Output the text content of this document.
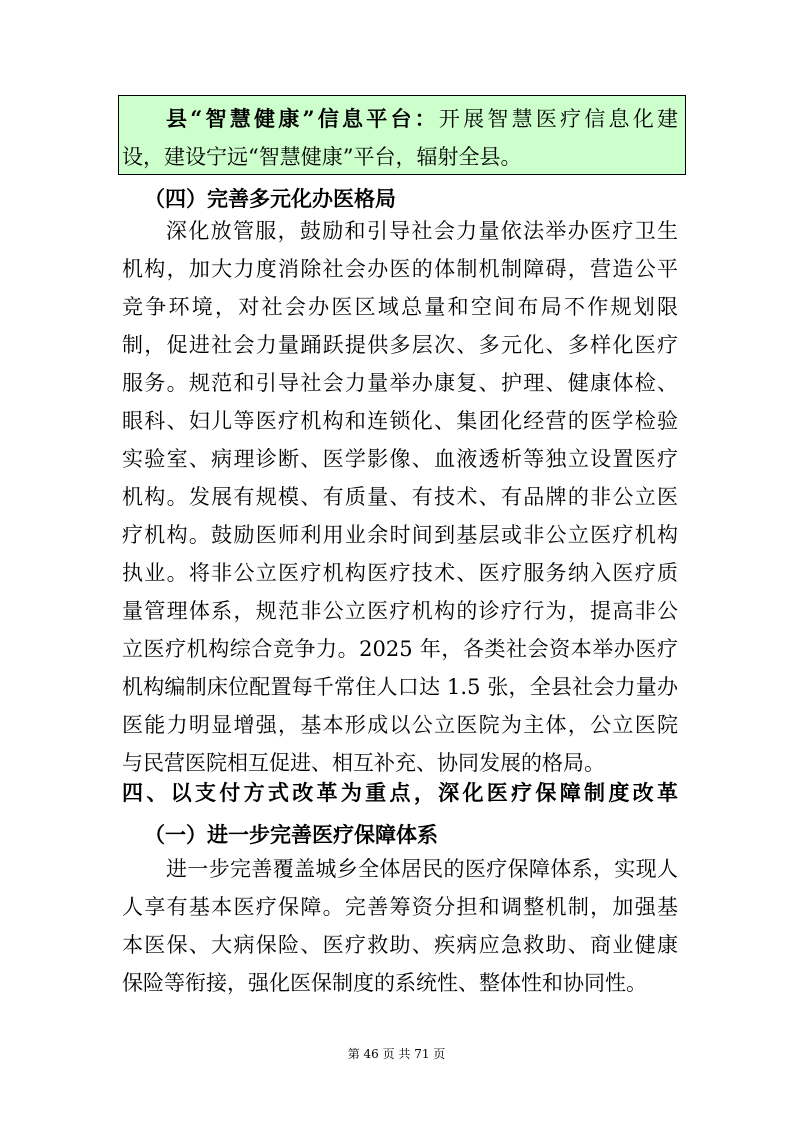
县“智慧健康”信息平台：开展智慧医疗信息化建
设，建设宁远“智慧健康”平台，辐射全县。
（四）完善多元化办医格局
深化放管服，鼓励和引导社会力量依法举办医疗卫生
机构，加大力度消除社会办医的体制机制障碍，营造公平
竞争环境，对社会办医区域总量和空间布局不作规划限
制，促进社会力量踊跃提供多层次、多元化、多样化医疗
服务。规范和引导社会力量举办康复、护理、健康体检、
眼科、妇儿等医疗机构和连锁化、集团化经营的医学检验
实验室、病理诊断、医学影像、血液透析等独立设置医疗
机构。发展有规模、有质量、有技术、有品牌的非公立医
疗机构。鼓励医师利用业余时间到基层或非公立医疗机构
执业。将非公立医疗机构医疗技术、医疗服务纳入医疗质
量管理体系，规范非公立医疗机构的诊疗行为，提高非公
立医疗机构综合竞争力。2025 年，各类社会资本举办医疗
机构编制床位配置每千常住人口达 1.5 张，全县社会力量办
医能力明显增强，基本形成以公立医院为主体，公立医院
与民营医院相互促进、相互补充、协同发展的格局。
四、以支付方式改革为重点，深化医疗保障制度改革
（一）进一步完善医疗保障体系
进一步完善覆盖城乡全体居民的医疗保障体系，实现人
人享有基本医疗保障。完善筹资分担和调整机制，加强基
本医保、大病保险、医疗救助、疾病应急救助、商业健康
保险等衔接，强化医保制度的系统性、整体性和协同性。
第 46 页 共 71 页
